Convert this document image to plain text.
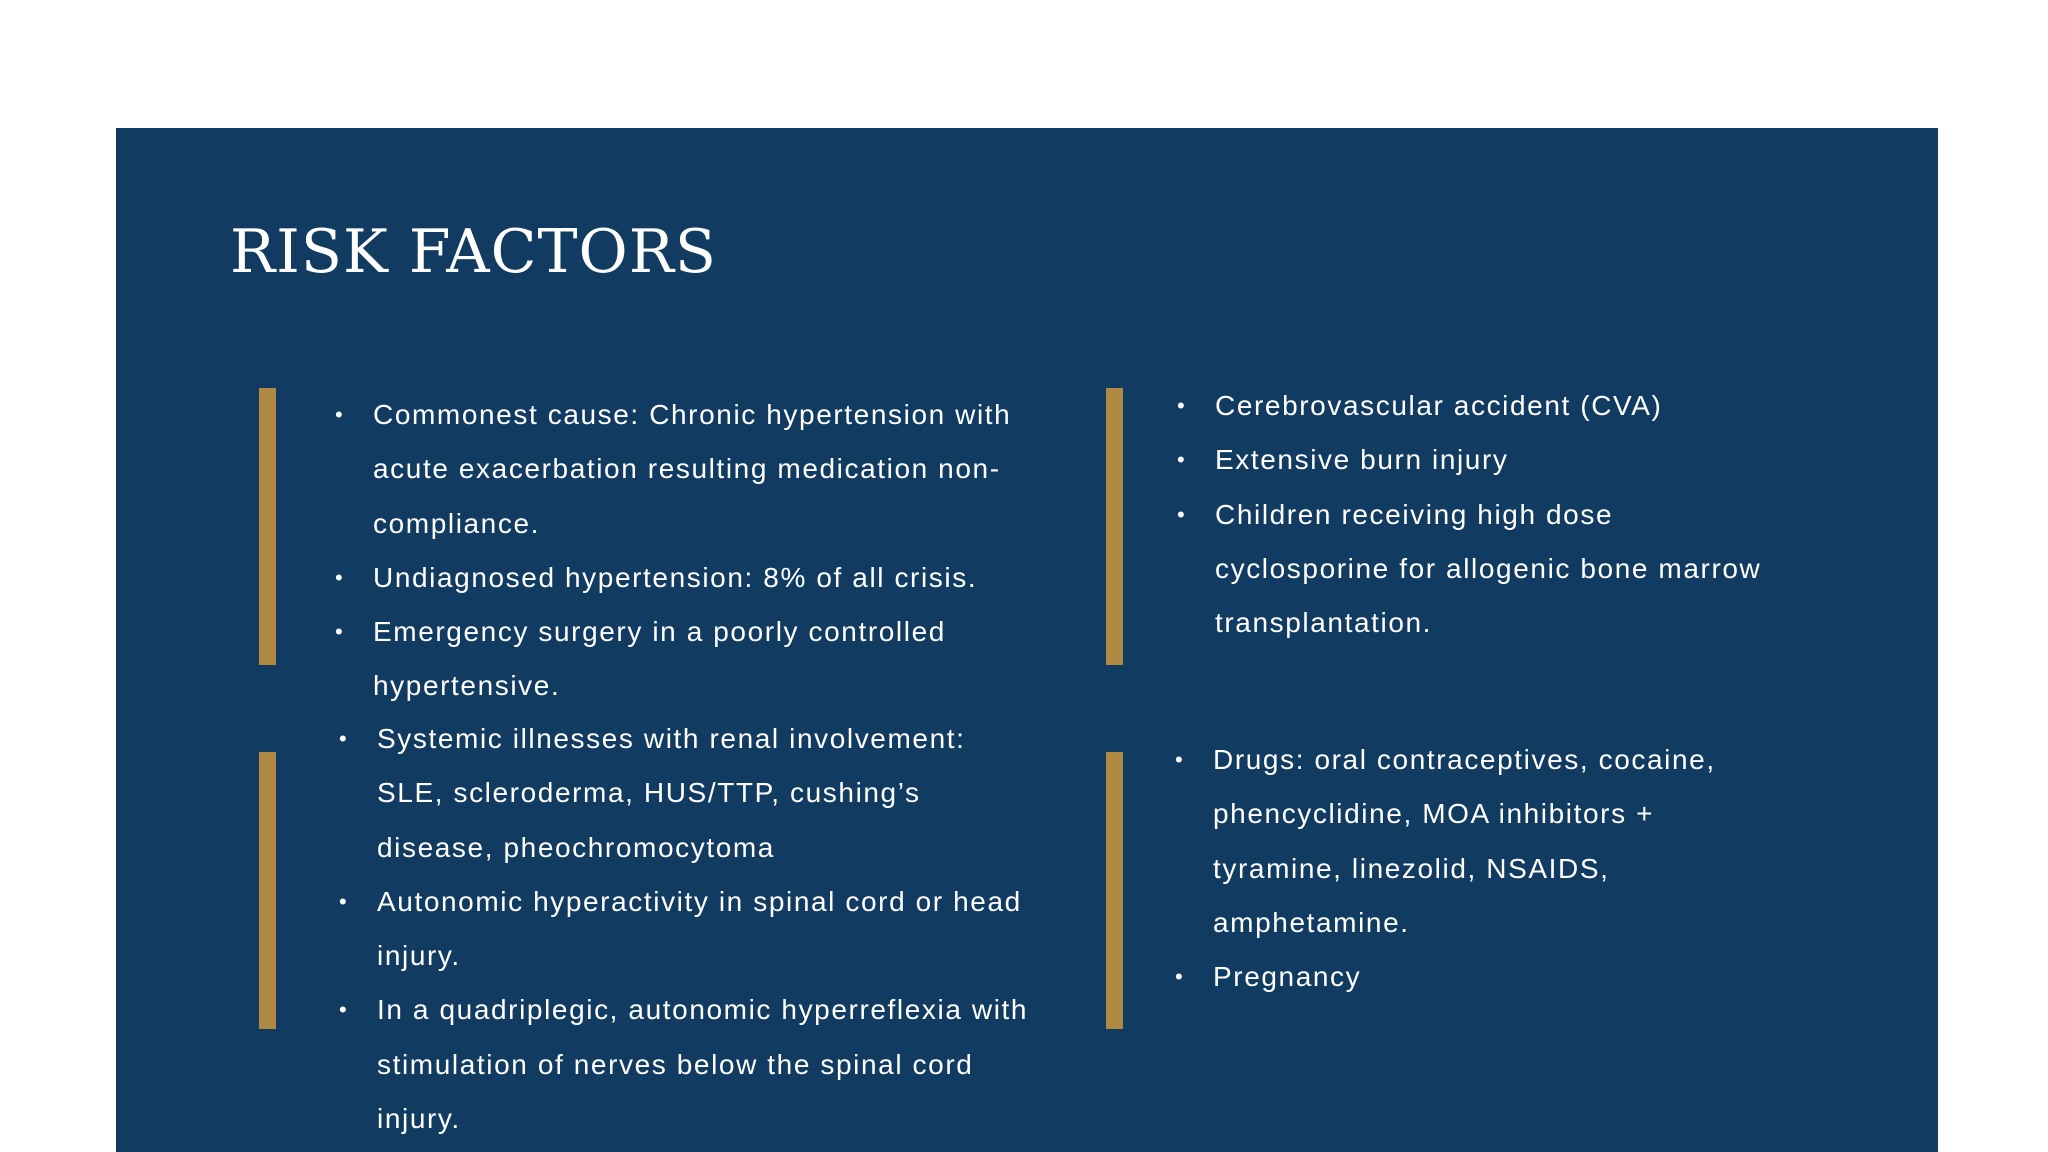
RISK FACTORS
• Commonest cause: Chronic hypertension with acute exacerbation resulting medication non-compliance.
• Undiagnosed hypertension: 8% of all crisis.
• Emergency surgery in a poorly controlled hypertensive.
• Cerebrovascular accident (CVA)
• Extensive burn injury
• Children receiving high dose cyclosporine for allogenic bone marrow transplantation.
• Systemic illnesses with renal involvement: SLE, scleroderma, HUS/TTP, cushing’s disease, pheochromocytoma
• Autonomic hyperactivity in spinal cord or head injury.
• In a quadriplegic, autonomic hyperreflexia with stimulation of nerves below the spinal cord injury.
• Drugs: oral contraceptives, cocaine, phencyclidine, MOA inhibitors + tyramine, linezolid, NSAIDS, amphetamine.
• Pregnancy
